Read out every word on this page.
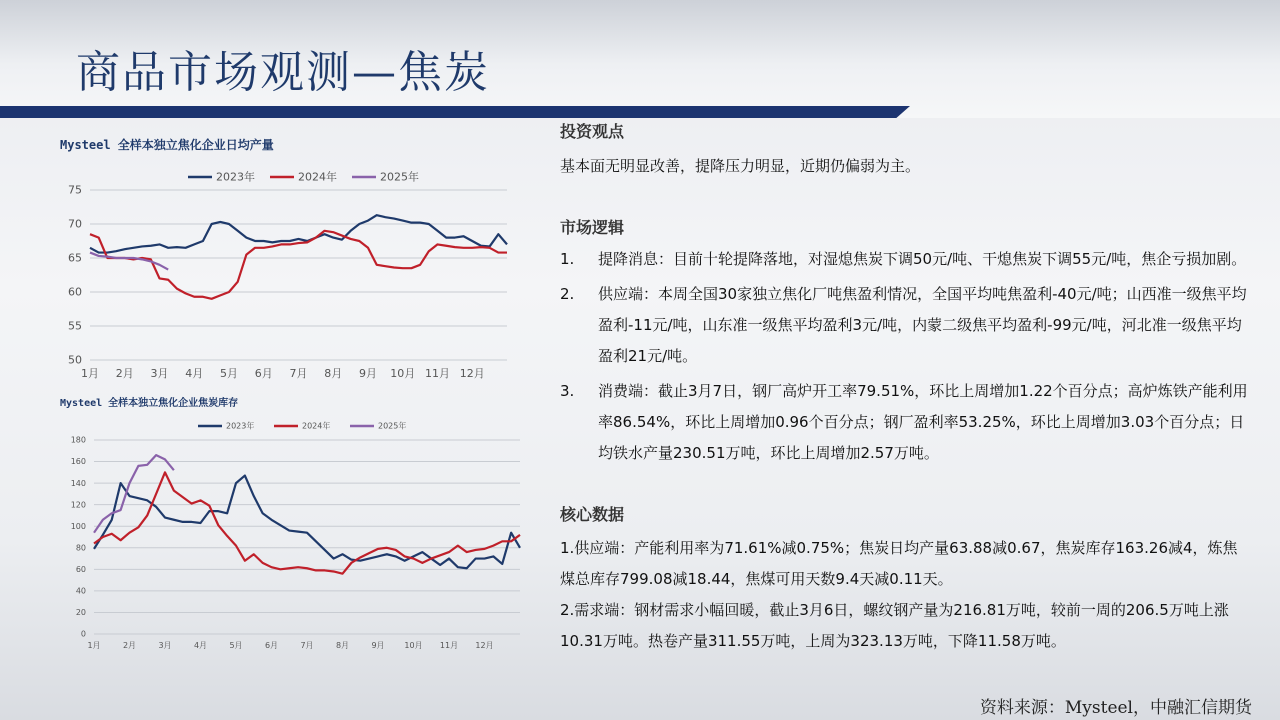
商品市场观测—焦炭
Mysteel 全样本独立焦化企业日均产量
50
55
60
65
70
75
1月 2月 3月 4月 5月 6月 7月 8月 9月 10月 11月 12月
2023年	2024年	2025年
Mysteel 全样本独立焦化企业焦炭库存
0
20
40
60
80
100
120
140
160
180
1月	2月	3月	4月	5月	6月	7月	8月	9月 10月 11月 12月
2023年	2024年	2025年
投资观点

基本面无明显改善，提降压力明显，近期仍偏弱为主。

市场逻辑
1. 提降消息：目前十轮提降落地，对湿熄焦炭下调50元/吨、干熄焦炭下调55元/吨，焦企亏损加剧。
2. 供应端：本周全国30家独立焦化厂吨焦盈利情况，全国平均吨焦盈利-40元/吨；山西准一级焦平均盈利-11元/吨，山东准一级焦平均盈利3元/吨，内蒙二级焦平均盈利-99元/吨，河北准一级焦平均盈利21元/吨。
3. 消费端：截止3月7日，钢厂高炉开工率79.51%，环比上周增加1.22个百分点；高炉炼铁产能利用率86.54%，环比上周增加0.96个百分点；钢厂盈利率53.25%，环比上周增加3.03个百分点；日均铁水产量230.51万吨，环比上周增加2.57万吨。
核心数据

1.供应端：产能利用率为71.61%减0.75%；焦炭日均产量63.88减0.67，焦炭库存163.26减4，炼焦煤总库存799.08减18.44，焦煤可用天数9.4天减0.11天。

2.需求端：钢材需求小幅回暖，截止3月6日，螺纹钢产量为216.81万吨，较前一周的206.5万吨上涨10.31万吨。热卷产量311.55万吨，上周为323.13万吨，下降11.58万吨。

资料来源：Mysteel，中融汇信期货
